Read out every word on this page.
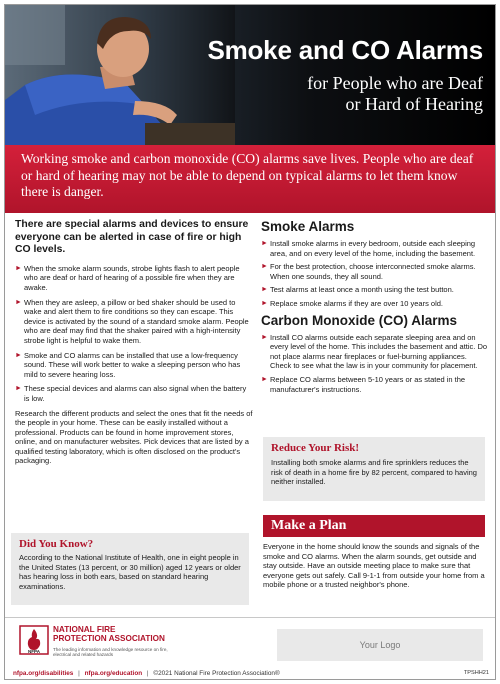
Smoke and CO Alarms
for People who are Deaf
or Hard of Hearing

Working smoke and carbon monoxide (CO) alarms save lives. People who are deaf or hard of hearing may not be able to depend on typical alarms to let them know there is danger.

There are special alarms and devices to ensure everyone can be alerted in case of fire or high CO levels.

► When the smoke alarm sounds, strobe lights flash to alert people who are deaf or hard of hearing of a possible fire when they are awake.
► When they are asleep, a pillow or bed shaker should be used to wake and alert them to fire conditions so they can escape. This device is activated by the sound of a standard smoke alarm. People who are deaf may find that the shaker paired with a high-intensity strobe light is helpful to wake them.
► Smoke and CO alarms can be installed that use a low-frequency sound. These will work better to wake a sleeping person who has mild to severe hearing loss.
► These special devices and alarms can also signal when the battery is low.

Research the different products and select the ones that fit the needs of the people in your home. These can be easily installed without a professional. Products can be found in home improvement stores, online, and on manufacturer websites. Pick devices that are listed by a qualified testing laboratory, which is often disclosed on the product's packaging.

Did You Know?

According to the National Institute of Health, one in eight people in the United States (13 percent, or 30 million) aged 12 years or older has hearing loss in both ears, based on standard hearing examinations.

Smoke Alarms
► Install smoke alarms in every bedroom, outside each sleeping area, and on every level of the home, including the basement.
► For the best protection, choose interconnected smoke alarms. When one sounds, they all sound.
► Test alarms at least once a month using the test button.
► Replace smoke alarms if they are over 10 years old.
Carbon Monoxide (CO) Alarms
► Install CO alarms outside each separate sleeping area and on every level of the home. This includes the basement and attic. Do not place alarms near fireplaces or fuel-burning appliances. Check to see what the law is in your community for placement.
► Replace CO alarms between 5-10 years or as stated in the manufacturer's instructions.
Reduce Your Risk!

Installing both smoke alarms and fire sprinklers reduces the risk of death in a home fire by 82 percent, compared to having neither installed.

Make a Plan

Everyone in the home should know the sounds and signals of the smoke and CO alarms. When the alarm sounds, get outside and stay outside. Have an outside meeting place to make sure that everyone gets out safely. Call 9-1-1 from outside your home from a mobile phone or a trusted neighbor's phone.

NFPA
NATIONAL FIRE
PROTECTION ASSOCIATION
The leading information and knowledge resource on fire, electrical and related hazards
Your Logo
nfpa.org/disabilities | nfpa.org/education | ©2021 National Fire Protection Association®	TPSHH21
